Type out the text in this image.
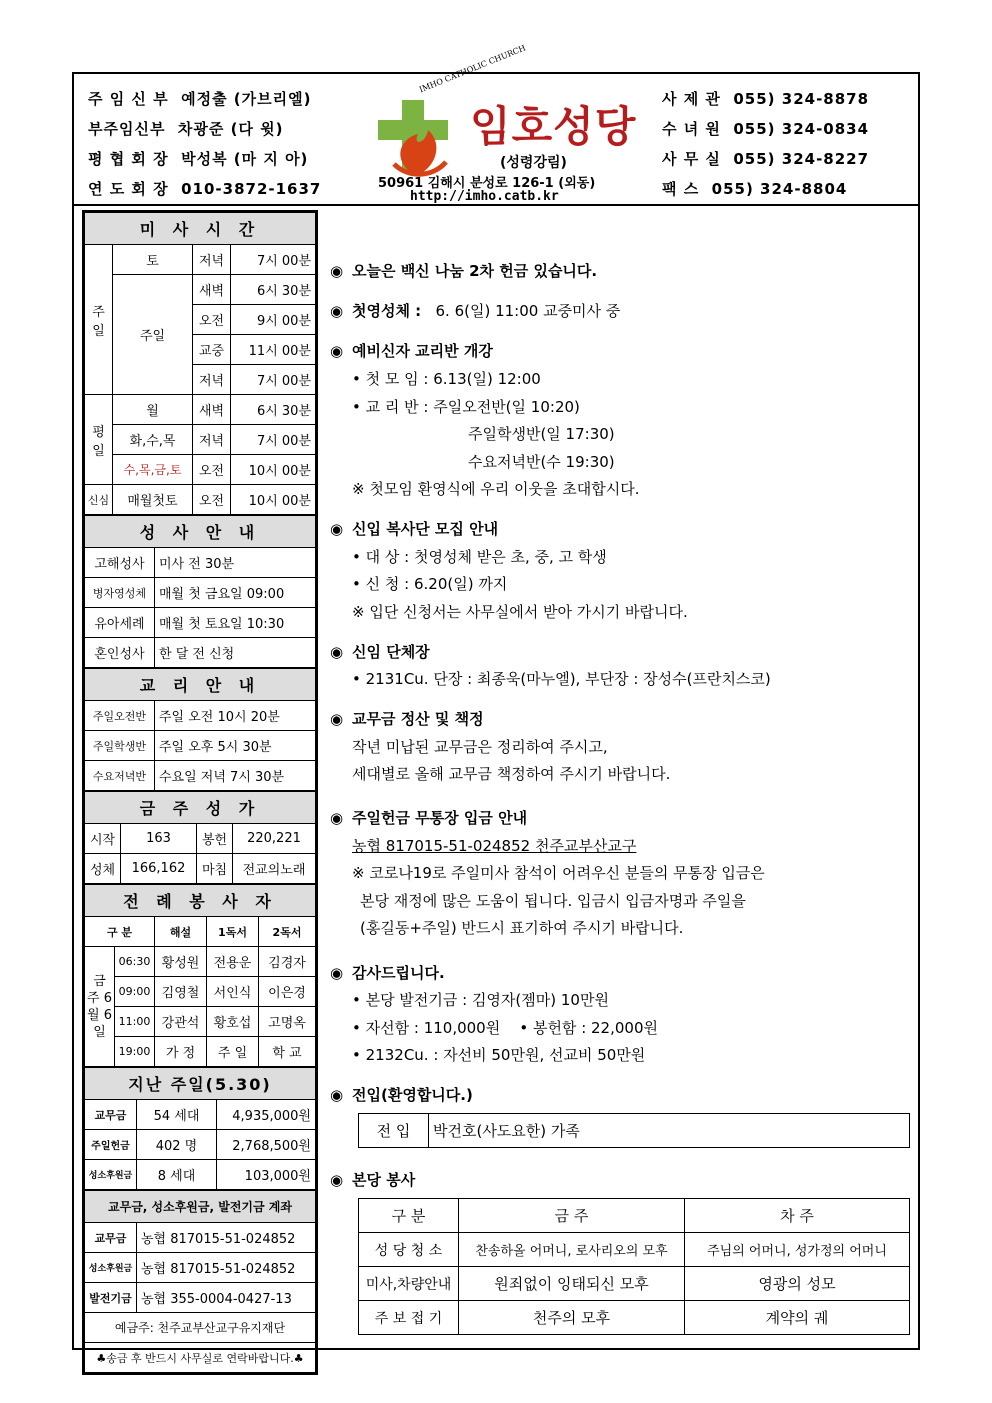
주 임 신 부 예정출 (가브리엘)
부주임신부 차광준 (다 윗)
평 협 회 장 박성복 (마 지 아)
연 도 회 장 010-3872-1637
IMHO CATHOLIC CHURCH
임호성당
(성령강림)
50961 김해시 분성로 126-1 (외동)
http://imho.catb.kr
사 제 관 055) 324-8878
수 녀 원 055) 324-0834
사 무 실 055) 324-8227
팩 스 055) 324-8804
미 사 시 간			
주일	토	저녁	7시 00분
	주일	새벽	6시 30분
		오전	9시 00분
		교중	11시 00분
		저녁	7시 00분
평일	월	새벽	6시 30분
	화,수,목	저녁	7시 00분
	수,목,금,토	오전	10시 00분
신심	매월첫토	오전	10시 00분
성 사 안 내	
고해성사	미사 전 30분
병자영성체	매월 첫 금요일 09:00
유아세례	매월 첫 토요일 10:30
혼인성사	한 달 전 신청
교 리 안 내	
주일오전반	주일 오전 10시 20분
주일학생반	주일 오후 5시 30분
수요저녁반	수요일 저녁 7시 30분
금 주 성 가			
시작	163	봉헌	220,221
성체	166,162	마침	전교의노래
전 례 봉 사 자				
구 분		해설	1독서	2독서
금주 6월 6일	06:30	황성원	전용운	김경자
	09:00	김영철	서인식	이은경
	11:00	강관석	황호섭	고명옥
	19:00	가 정	주 일	학 교
지난 주일(5.30)		
교무금	54 세대	4,935,000원
주일헌금	402 명	2,768,500원
성소후원금	8 세대	103,000원
교무금, 성소후원금, 발전기금 계좌	
교무금	농협 817015-51-024852
성소후원금	농협 817015-51-024852
발전기금	농협 355-0004-0427-13
예금주: 천주교부산교구유지재단	
♣송금 후 반드시 사무실로 연락바랍니다.♣	
◉ 오늘은 백신 나눔 2차 헌금 있습니다.
◉ 첫영성체 : 6. 6(일) 11:00 교중미사 중
◉ 예비신자 교리반 개강
• 첫 모 임 : 6.13(일) 12:00
• 교 리 반 : 주일오전반(일 10:20)
주일학생반(일 17:30)
수요저녁반(수 19:30)
※ 첫모임 환영식에 우리 이웃을 초대합시다.
◉ 신입 복사단 모집 안내
• 대 상 : 첫영성체 받은 초, 중, 고 학생
• 신 청 : 6.20(일) 까지
※ 입단 신청서는 사무실에서 받아 가시기 바랍니다.
◉ 신임 단체장
• 2131Cu. 단장 : 최종욱(마누엘), 부단장 : 장성수(프란치스코)
◉ 교무금 정산 및 책정
작년 미납된 교무금은 정리하여 주시고,
세대별로 올해 교무금 책정하여 주시기 바랍니다.
◉ 주일헌금 무통장 입금 안내
농협 817015-51-024852 천주교부산교구
※ 코로나19로 주일미사 참석이 어려우신 분들의 무통장 입금은
본당 재정에 많은 도움이 됩니다. 입금시 입금자명과 주일을
(홍길동+주일) 반드시 표기하여 주시기 바랍니다.
◉ 감사드립니다.
• 본당 발전기금 : 김영자(젬마) 10만원
• 자선함 : 110,000원 • 봉헌함 : 22,000원
• 2132Cu. : 자선비 50만원, 선교비 50만원
◉ 전입(환영합니다.)
전 입	박건호(사도요한) 가족
◉ 본당 봉사
구 분	금 주	차 주
성 당 청 소	찬송하올 어머니, 로사리오의 모후	주님의 어머니, 성가정의 어머니
미사,차량안내	원죄없이 잉태되신 모후	영광의 성모
주 보 접 기	천주의 모후	계약의 궤
